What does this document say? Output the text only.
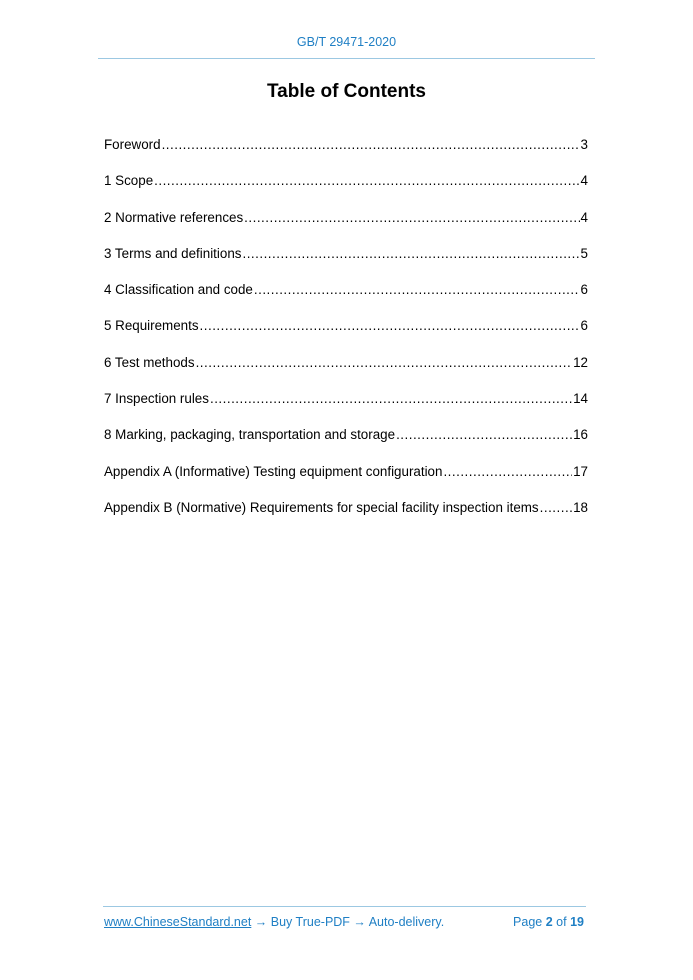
GB/T 29471-2020
Table of Contents
Foreword .....	3
1 Scope .....	4
2 Normative references .....	4
3 Terms and definitions .....	5
4 Classification and code .....	6
5 Requirements .....	6
6 Test methods .....	12
7 Inspection rules .....	14
8 Marking, packaging, transportation and storage .....	16
Appendix A (Informative) Testing equipment configuration .....	17
Appendix B (Normative) Requirements for special facility inspection items .....	18
www.ChineseStandard.net → Buy True-PDF → Auto-delivery.	Page 2 of 19
